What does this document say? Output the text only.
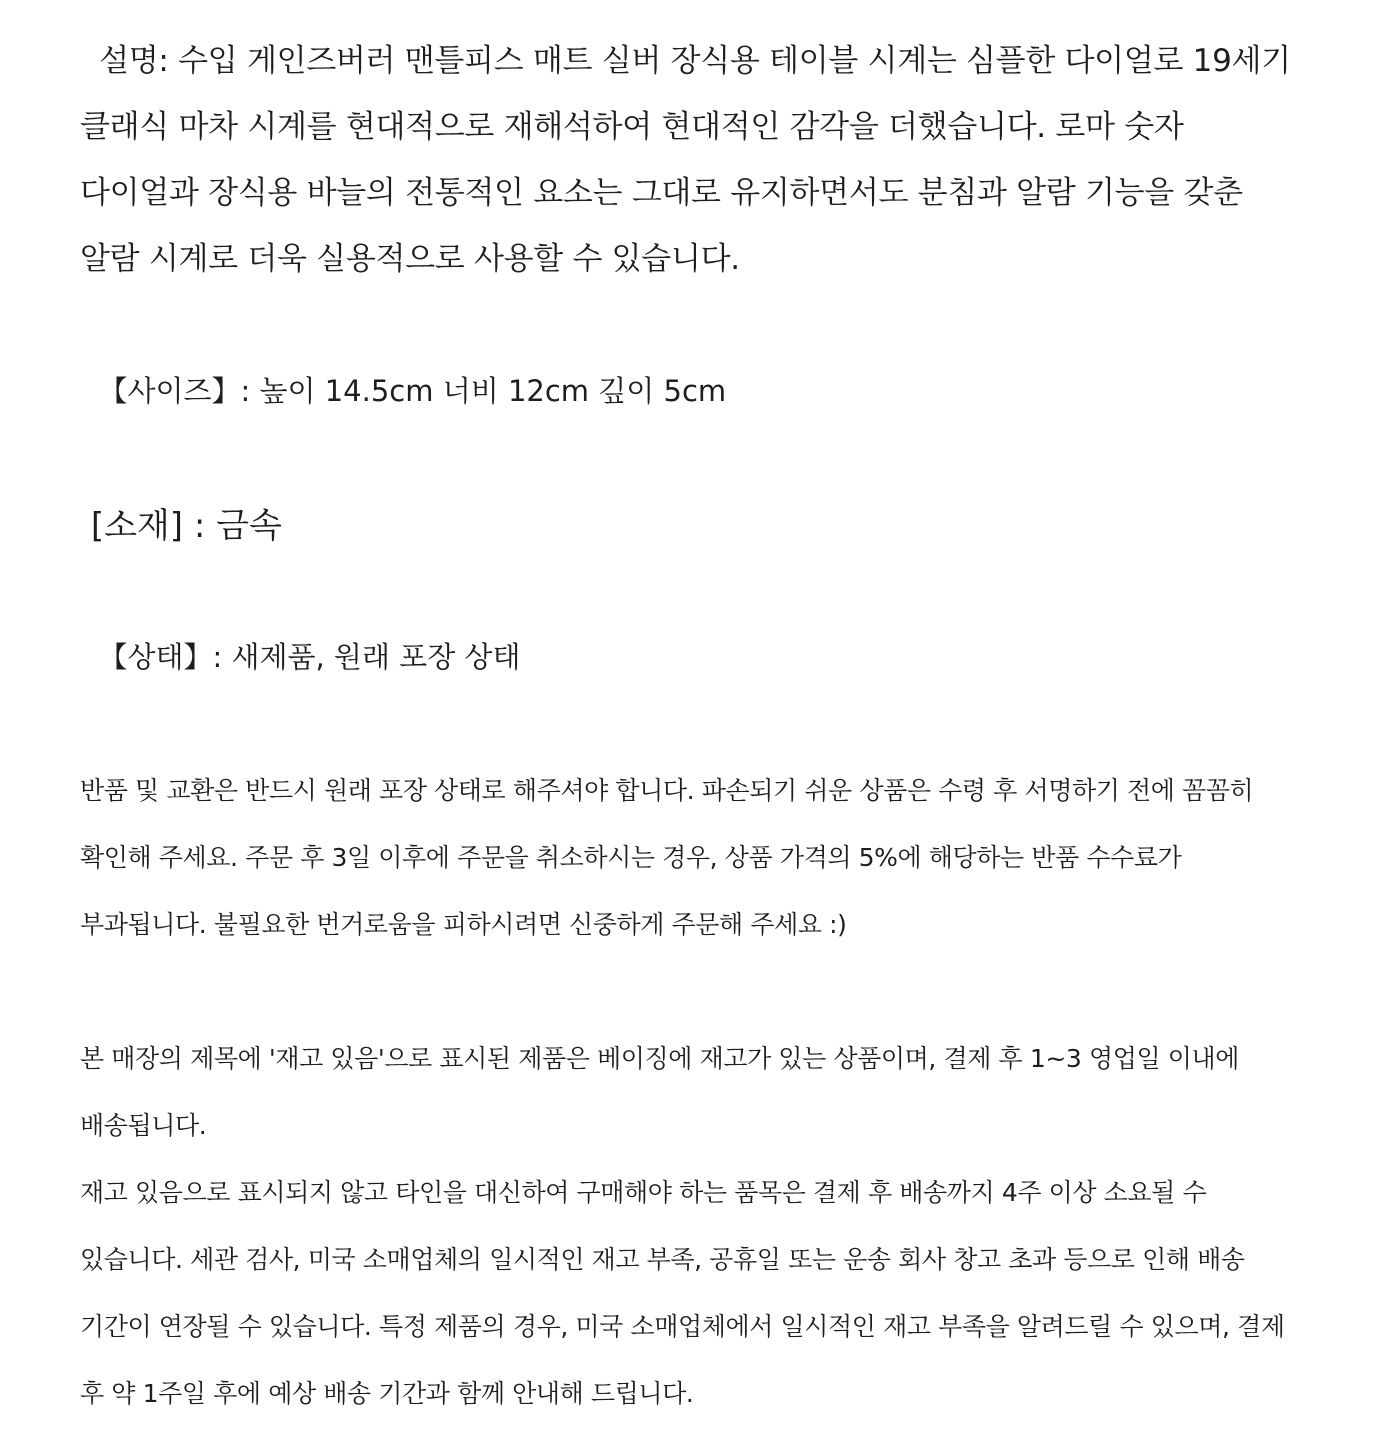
설명: 수입 게인즈버러 맨틀피스 매트 실버 장식용 테이블 시계는 심플한 다이얼로 19세기 클래식 마차 시계를 현대적으로 재해석하여 현대적인 감각을 더했습니다. 로마 숫자 다이얼과 장식용 바늘의 전통적인 요소는 그대로 유지하면서도 분침과 알람 기능을 갖춘 알람 시계로 더욱 실용적으로 사용할 수 있습니다.
【사이즈】: 높이 14.5cm 너비 12cm 깊이 5cm
[소재] : 금속
【상태】: 새제품, 원래 포장 상태
반품 및 교환은 반드시 원래 포장 상태로 해주셔야 합니다. 파손되기 쉬운 상품은 수령 후 서명하기 전에 꼼꼼히 확인해 주세요. 주문 후 3일 이후에 주문을 취소하시는 경우, 상품 가격의 5%에 해당하는 반품 수수료가 부과됩니다. 불필요한 번거로움을 피하시려면 신중하게 주문해 주세요 :)
본 매장의 제목에 '재고 있음'으로 표시된 제품은 베이징에 재고가 있는 상품이며, 결제 후 1~3 영업일 이내에 배송됩니다.
재고 있음으로 표시되지 않고 타인을 대신하여 구매해야 하는 품목은 결제 후 배송까지 4주 이상 소요될 수 있습니다. 세관 검사, 미국 소매업체의 일시적인 재고 부족, 공휴일 또는 운송 회사 창고 초과 등으로 인해 배송 기간이 연장될 수 있습니다. 특정 제품의 경우, 미국 소매업체에서 일시적인 재고 부족을 알려드릴 수 있으며, 결제 후 약 1주일 후에 예상 배송 기간과 함께 안내해 드립니다.
